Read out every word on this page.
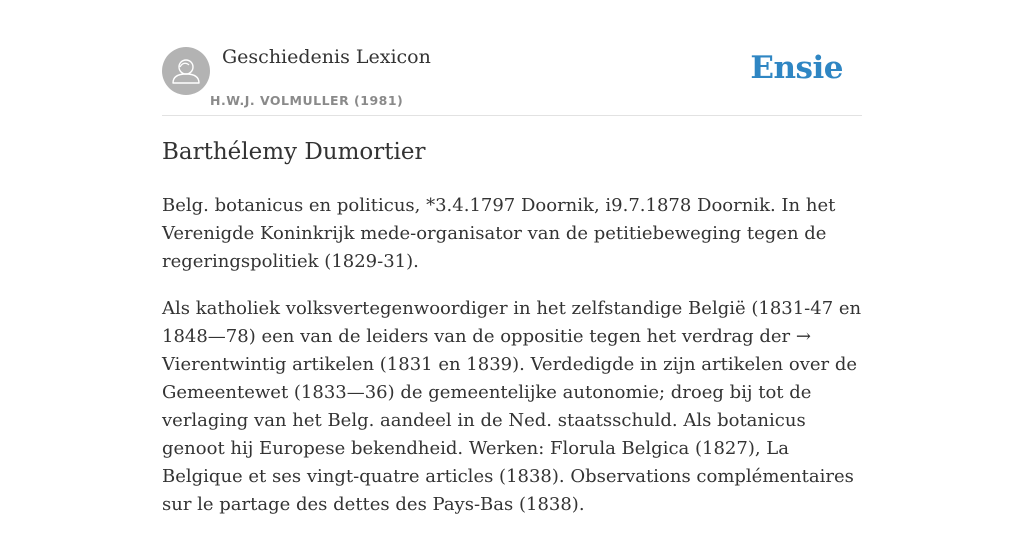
Geschiedenis Lexicon
H.W.J. VOLMULLER (1981)
Ensie
Barthélemy Dumortier

Belg. botanicus en politicus, *3.4.1797 Doornik, i9.7.1878 Doornik. In het Verenigde Koninkrijk mede-organisator van de petitiebeweging tegen de regeringspolitiek (1829-31).

Als katholiek volksvertegenwoordiger in het zelfstandige België (1831-47 en 1848—78) een van de leiders van de oppositie tegen het verdrag der → Vierentwintig artikelen (1831 en 1839). Verdedigde in zijn artikelen over de Gemeentewet (1833—36) de gemeentelijke autonomie; droeg bij tot de verlaging van het Belg. aandeel in de Ned. staatsschuld. Als botanicus genoot hij Europese bekendheid. Werken: Florula Belgica (1827), La Belgique et ses vingt-quatre articles (1838). Observations complémentaires sur le partage des dettes des Pays-Bas (1838).
